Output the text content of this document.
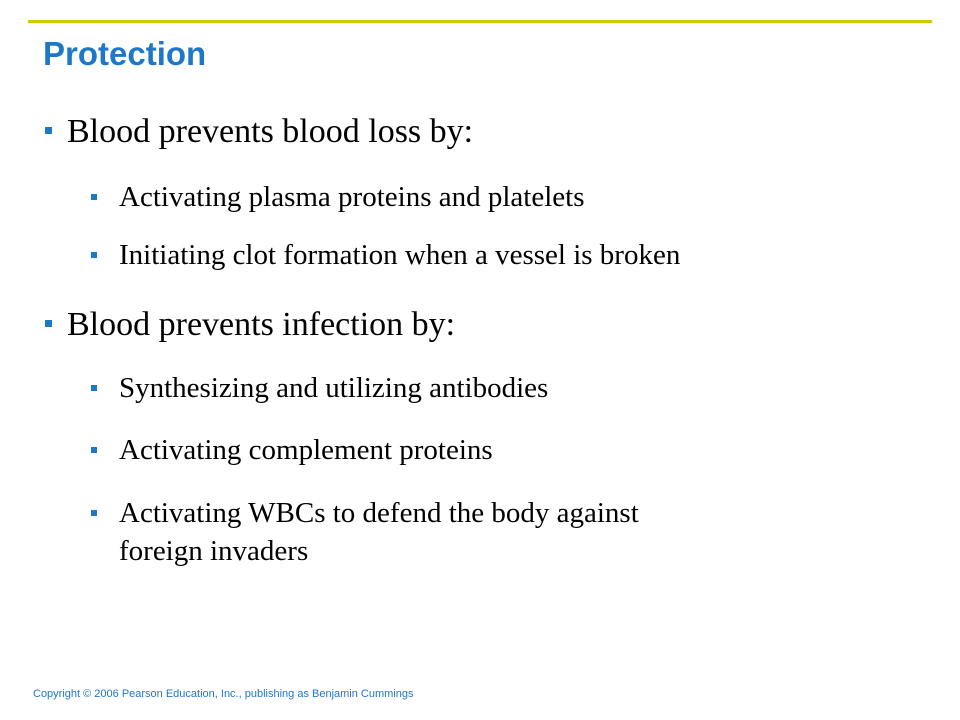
Protection
Blood prevents blood loss by:
Activating plasma proteins and platelets
Initiating clot formation when a vessel is broken
Blood prevents infection by:
Synthesizing and utilizing antibodies
Activating complement proteins
Activating WBCs to defend the body against
foreign invaders
Copyright © 2006 Pearson Education, Inc., publishing as Benjamin Cummings
